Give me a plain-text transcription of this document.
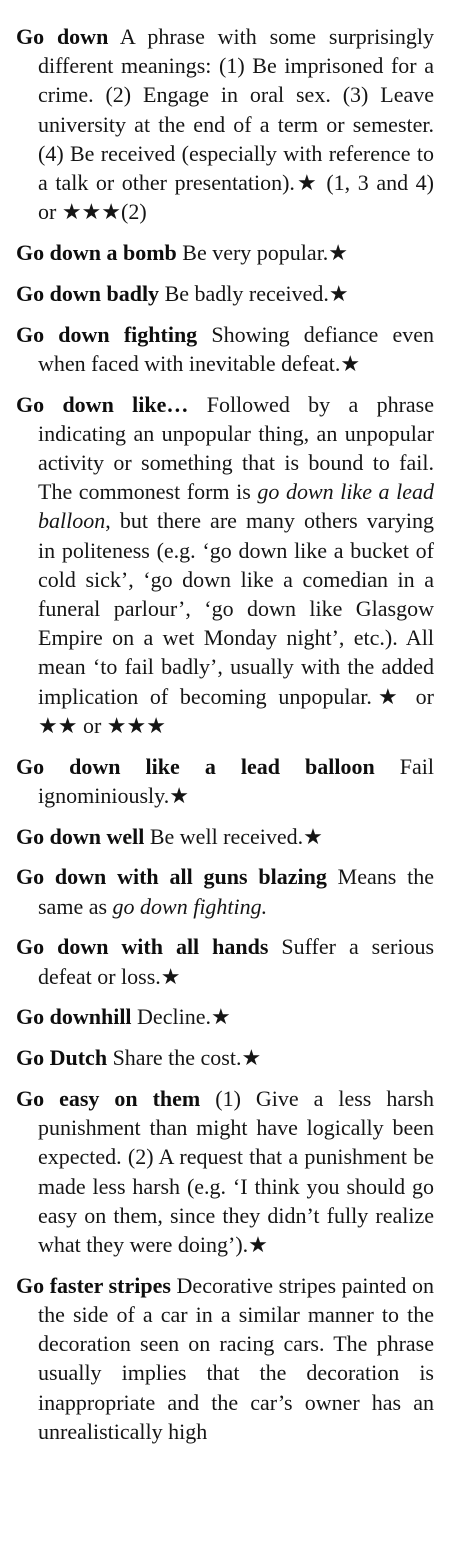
Go down A phrase with some surprisingly different meanings: (1) Be imprisoned for a crime. (2) Engage in oral sex. (3) Leave university at the end of a term or semester. (4) Be received (especially with reference to a talk or other presentation).★ (1, 3 and 4) or ★★★(2)

Go down a bomb Be very popular.★

Go down badly Be badly received.★

Go down fighting Showing defiance even when faced with inevitable defeat.★

Go down like… Followed by a phrase indicating an unpopular thing, an unpopular activity or something that is bound to fail. The commonest form is go down like a lead balloon, but there are many others varying in politeness (e.g. ‘go down like a bucket of cold sick’, ‘go down like a comedian in a funeral parlour’, ‘go down like Glasgow Empire on a wet Monday night’, etc.). All mean ‘to fail badly’, usually with the added implication of becoming unpopular.★ or ★★ or ★★★

Go down like a lead balloon Fail ignominiously.★

Go down well Be well received.★

Go down with all guns blazing Means the same as go down fighting.

Go down with all hands Suffer a serious defeat or loss.★

Go downhill Decline.★

Go Dutch Share the cost.★

Go easy on them (1) Give a less harsh punishment than might have logically been expected. (2) A request that a punishment be made less harsh (e.g. ‘I think you should go easy on them, since they didn’t fully realize what they were doing’).★

Go faster stripes Decorative stripes painted on the side of a car in a similar manner to the decoration seen on racing cars. The phrase usually implies that the decoration is inappropriate and the car’s owner has an unrealistically high
